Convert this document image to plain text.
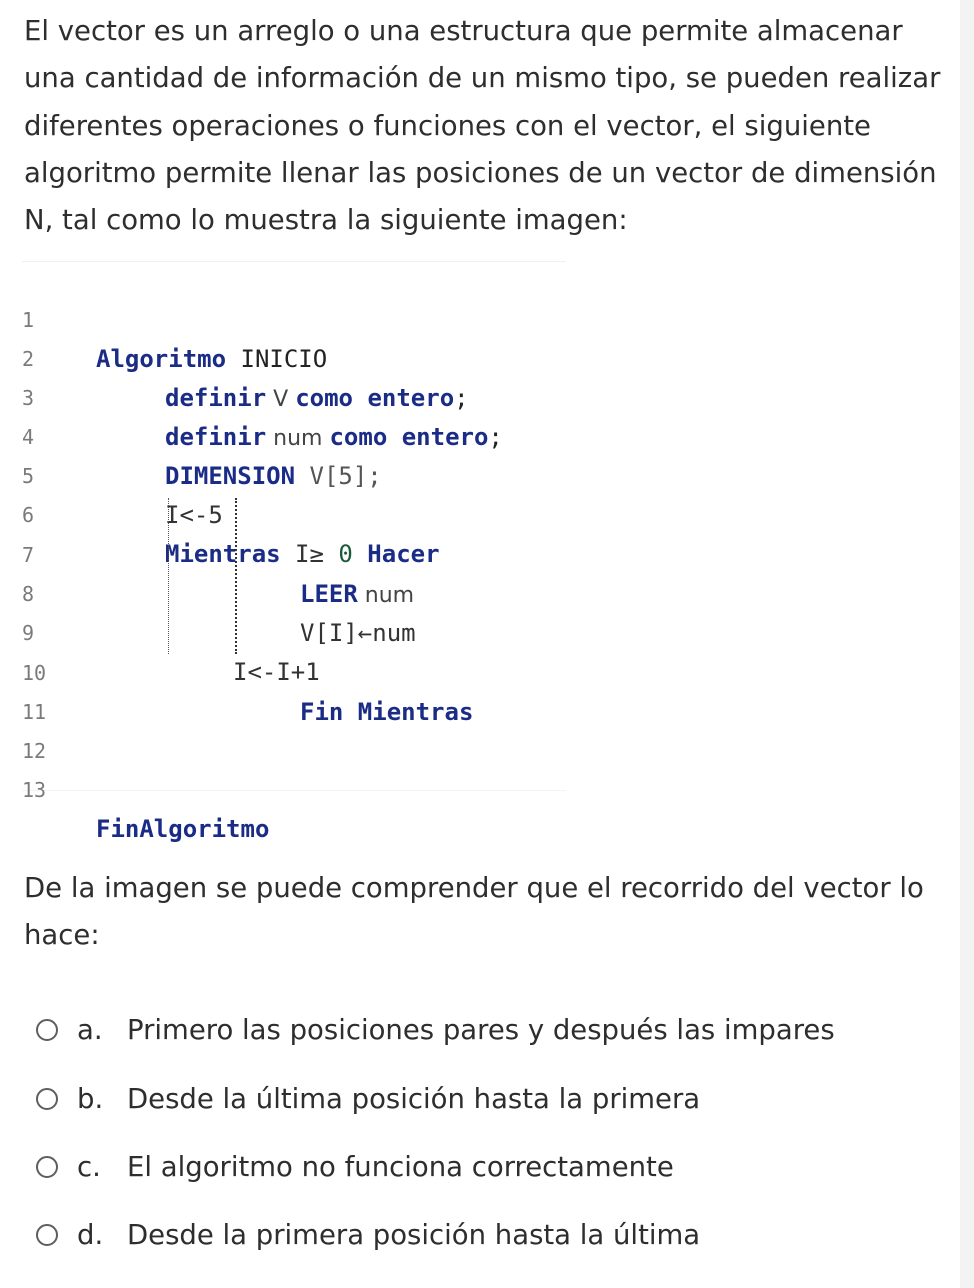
El vector es un arreglo o una estructura que permite almacenar una cantidad de información de un mismo tipo, se pueden realizar diferentes operaciones o funciones con el vector, el siguiente algoritmo permite llenar las posiciones de un vector de dimensión N, tal como lo muestra la siguiente imagen:

1

Algoritmo INICIO

2

definir V como entero;

3

definir num como entero;

4

DIMENSION V[5];

5

I<-5

6

Mientras I≥ 0 Hacer

7

LEER num

8

V[I]←num

9

I<-I+1

10

Fin Mientras

11

12

13

FinAlgoritmo

De la imagen se puede comprender que el recorrido del vector lo hace:

a. Primero las posiciones pares y después las impares
b. Desde la última posición hasta la primera
c. El algoritmo no funciona correctamente
d. Desde la primera posición hasta la última
